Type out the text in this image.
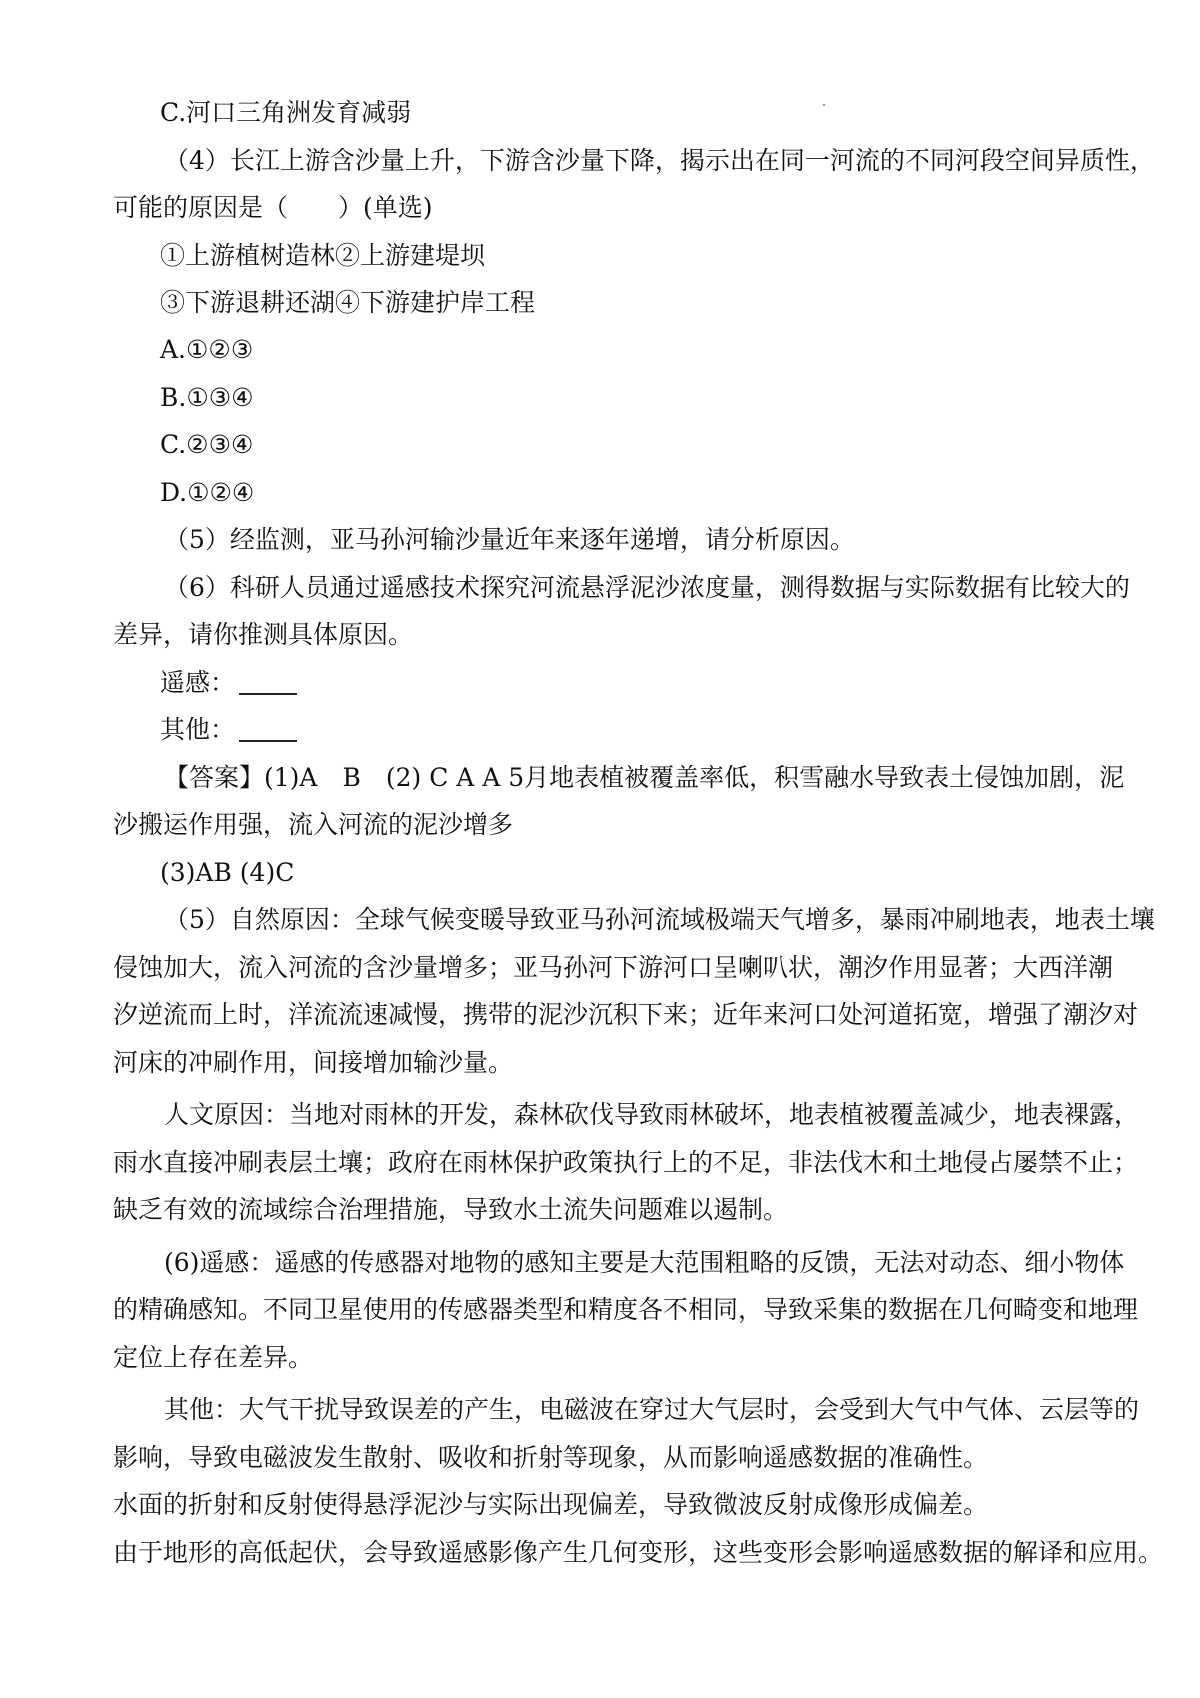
C.河口三角洲发育减弱
（4）长江上游含沙量上升，下游含沙量下降，揭示出在同一河流的不同河段空间异质性，
可能的原因是（　　）(单选)
①上游植树造林②上游建堤坝
③下游退耕还湖④下游建护岸工程
A.①②③
B.①③④
C.②③④
D.①②④
（5）经监测，亚马孙河输沙量近年来逐年递增，请分析原因。
（6）科研人员通过遥感技术探究河流悬浮泥沙浓度量，测得数据与实际数据有比较大的
差异，请你推测具体原因。
遥感：
其他：
【答案】(1)A　B　(2) C A A 5月地表植被覆盖率低，积雪融水导致表土侵蚀加剧，泥
沙搬运作用强，流入河流的泥沙增多
(3)AB (4)C
（5）自然原因：全球气候变暖导致亚马孙河流域极端天气增多，暴雨冲刷地表，地表土壤
侵蚀加大，流入河流的含沙量增多；亚马孙河下游河口呈喇叭状，潮汐作用显著；大西洋潮
汐逆流而上时，洋流流速减慢，携带的泥沙沉积下来；近年来河口处河道拓宽，增强了潮汐对
河床的冲刷作用，间接增加输沙量。
人文原因：当地对雨林的开发，森林砍伐导致雨林破坏，地表植被覆盖减少，地表裸露，
雨水直接冲刷表层土壤；政府在雨林保护政策执行上的不足，非法伐木和土地侵占屡禁不止；
缺乏有效的流域综合治理措施，导致水土流失问题难以遏制。
(6)遥感：遥感的传感器对地物的感知主要是大范围粗略的反馈，无法对动态、细小物体
的精确感知。不同卫星使用的传感器类型和精度各不相同，导致采集的数据在几何畸变和地理
定位上存在差异。
其他：大气干扰导致误差的产生，电磁波在穿过大气层时，会受到大气中气体、云层等的
影响，导致电磁波发生散射、吸收和折射等现象，从而影响遥感数据的准确性。
水面的折射和反射使得悬浮泥沙与实际出现偏差，导致微波反射成像形成偏差。
由于地形的高低起伏，会导致遥感影像产生几何变形，这些变形会影响遥感数据的解译和应用。
